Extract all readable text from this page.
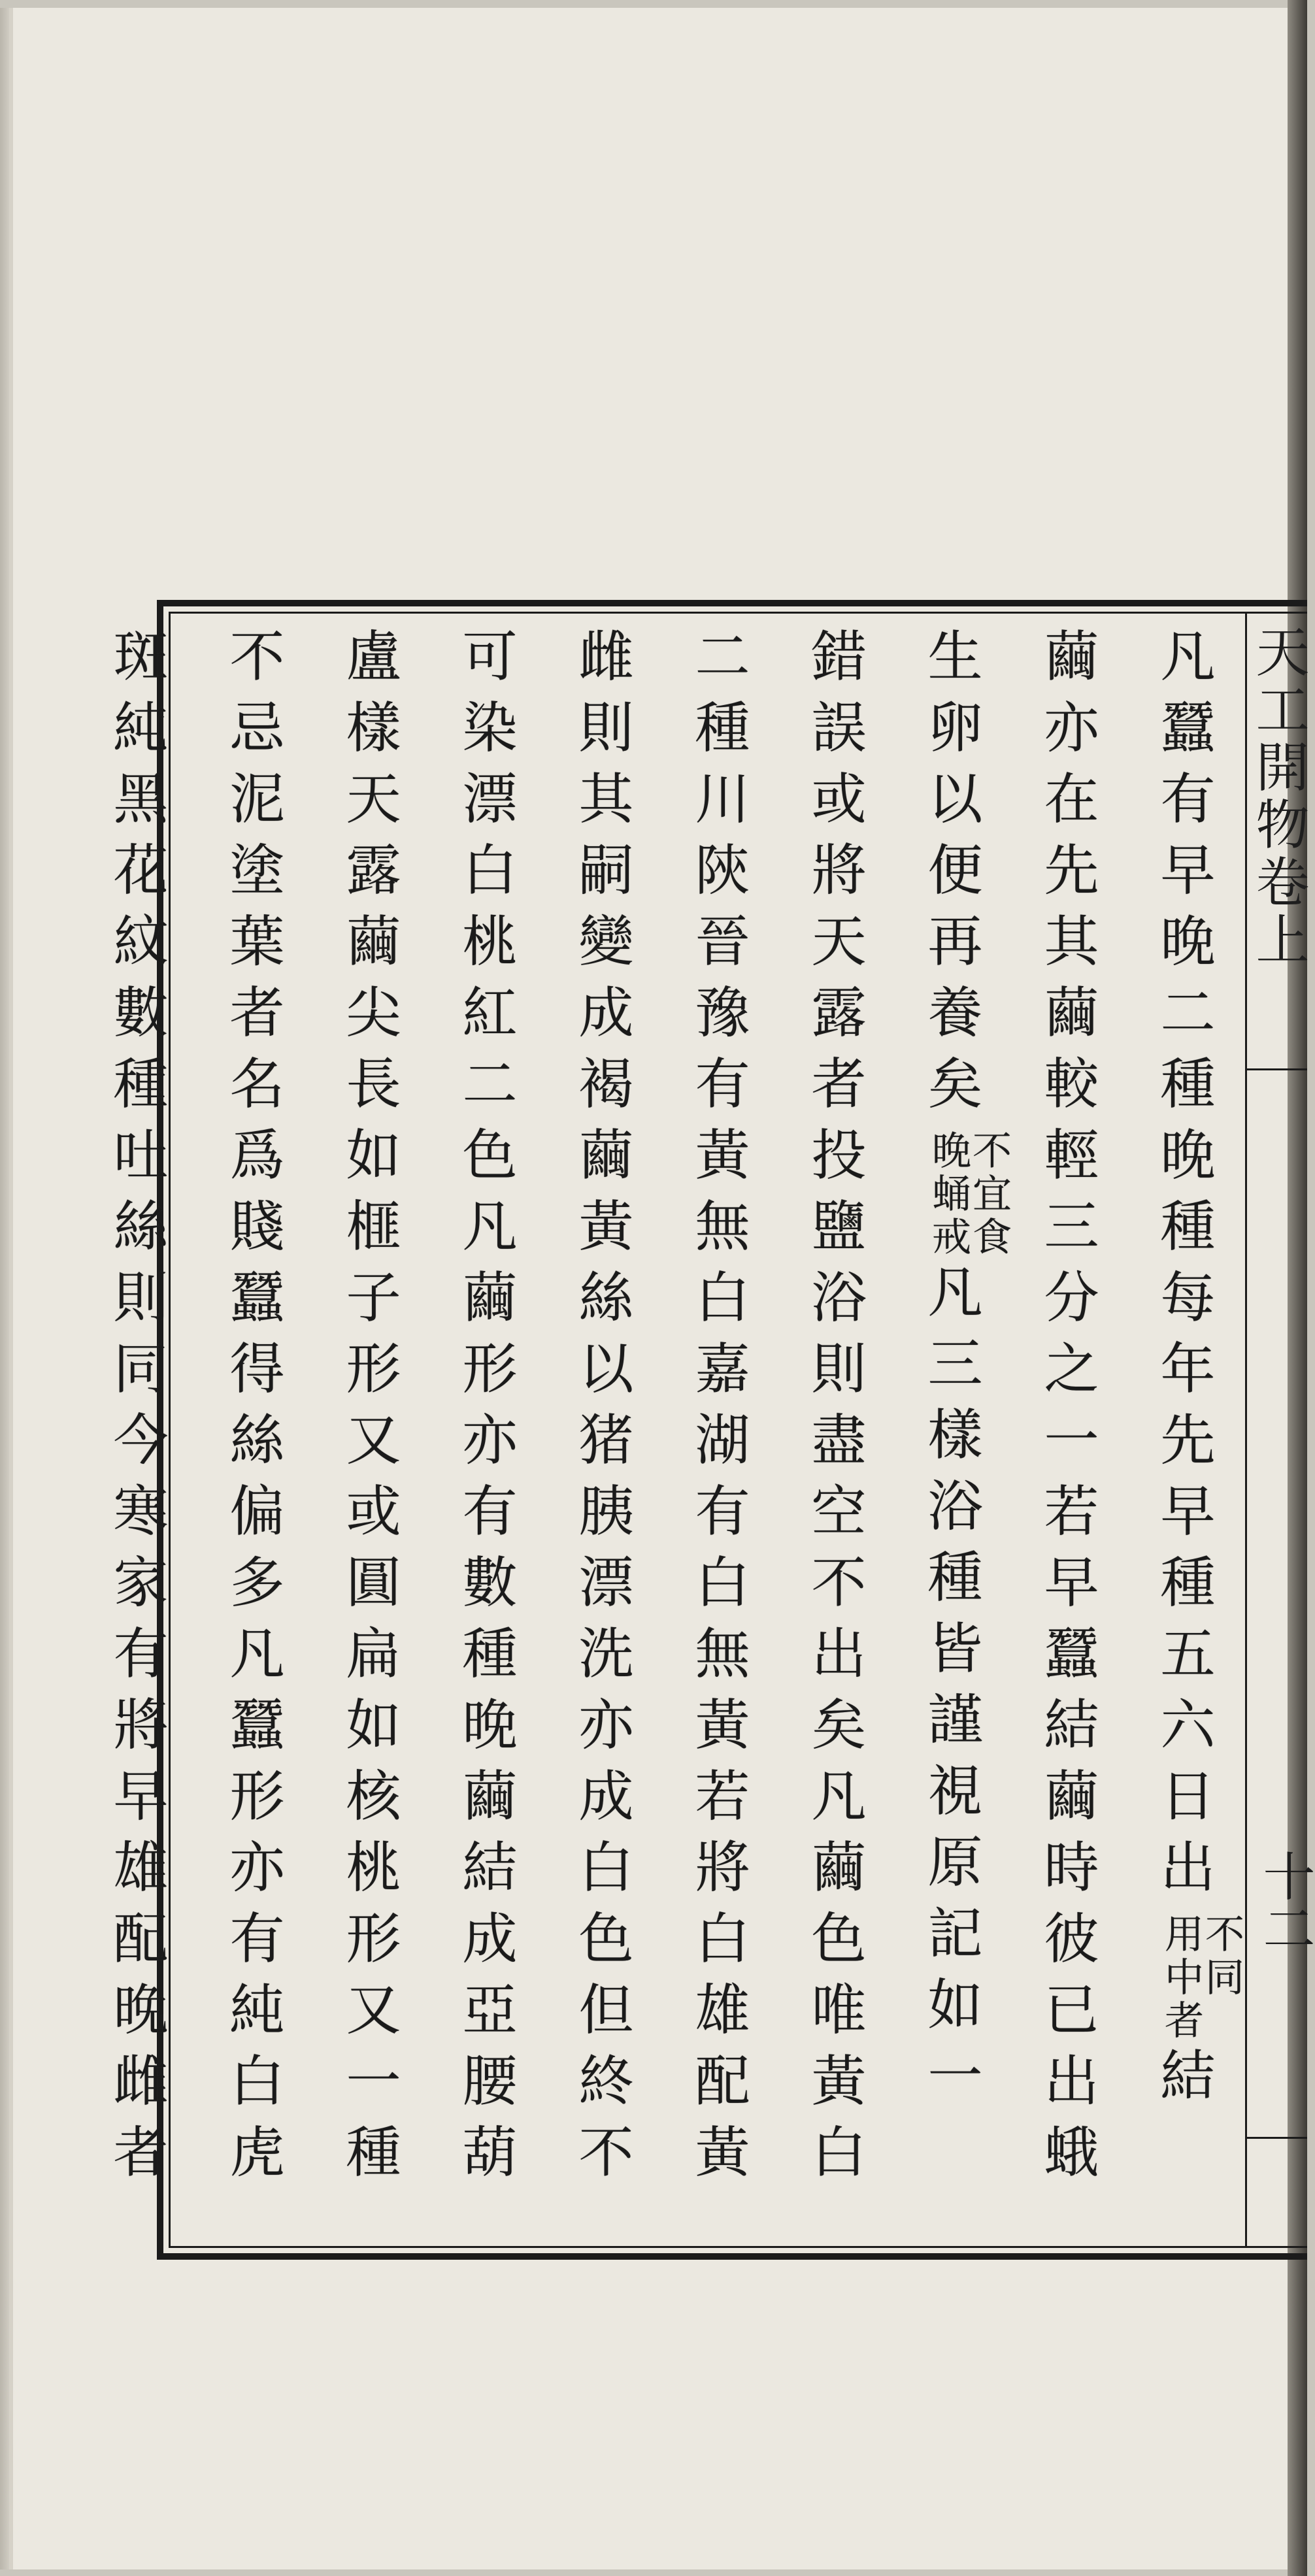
天工開物卷上
十二
凡蠶有早晚二種晚種每年先早種五六日出
不同
用中者
結
繭亦在先其繭較輕三分之一若早蠶結繭時彼已出蛾
生卵以便再養矣
不宜食
晚蛹戒
凡三樣浴種皆謹視原記如一
錯誤或將天露者投鹽浴則盡空不出矣凡繭色唯黃白
二種川陝晉豫有黃無白嘉湖有白無黃若將白雄配黃
雌則其嗣變成褐繭黃絲以猪胰漂洗亦成白色但終不
可染漂白桃紅二色凡繭形亦有數種晚繭結成亞腰葫
盧樣天露繭尖長如榧子形又或圓扁如核桃形又一種
不忌泥塗葉者名爲賤蠶得絲偏多凡蠶形亦有純白虎
斑純黑花紋數種吐絲則同今寒家有將早雄配晚雌者
